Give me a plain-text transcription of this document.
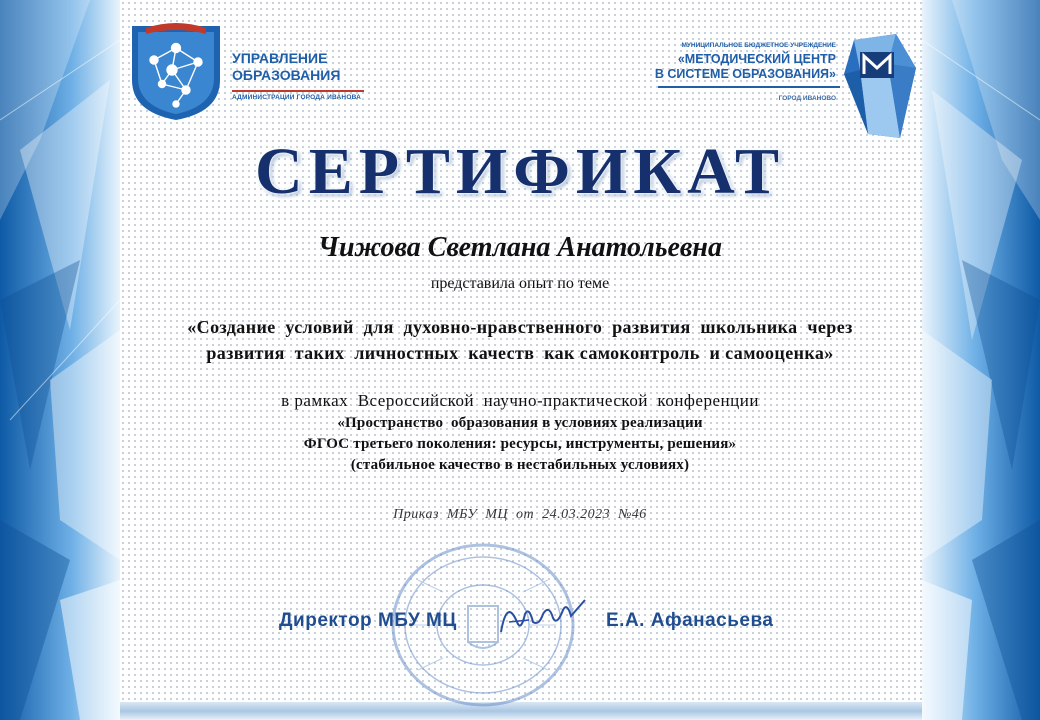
УПРАВЛЕНИЕ
ОБРАЗОВАНИЯ
АДМИНИСТРАЦИИ ГОРОДА ИВАНОВА
МУНИЦИПАЛЬНОЕ БЮДЖЕТНОЕ УЧРЕЖДЕНИЕ
«МЕТОДИЧЕСКИЙ ЦЕНТР
В СИСТЕМЕ ОБРАЗОВАНИЯ»
ГОРОД ИВАНОВО
СЕРТИФИКАТ
Чижова Светлана Анатольевна
представила опыт по теме
«Создание  условий  для  духовно-нравственного  развития  школьника  через
развития  таких  личностных  качеств  как самоконтроль  и самооценка»
в рамках  Всероссийской  научно-практической  конференции
«Пространство  образования в условиях реализации
ФГОС третьего поколения: ресурсы, инструменты, решения»
(стабильное качество в нестабильных условиях)
Приказ  МБУ  МЦ  от  24.03.2023  №46
Директор МБУ МЦ	Е.А. Афанасьева
